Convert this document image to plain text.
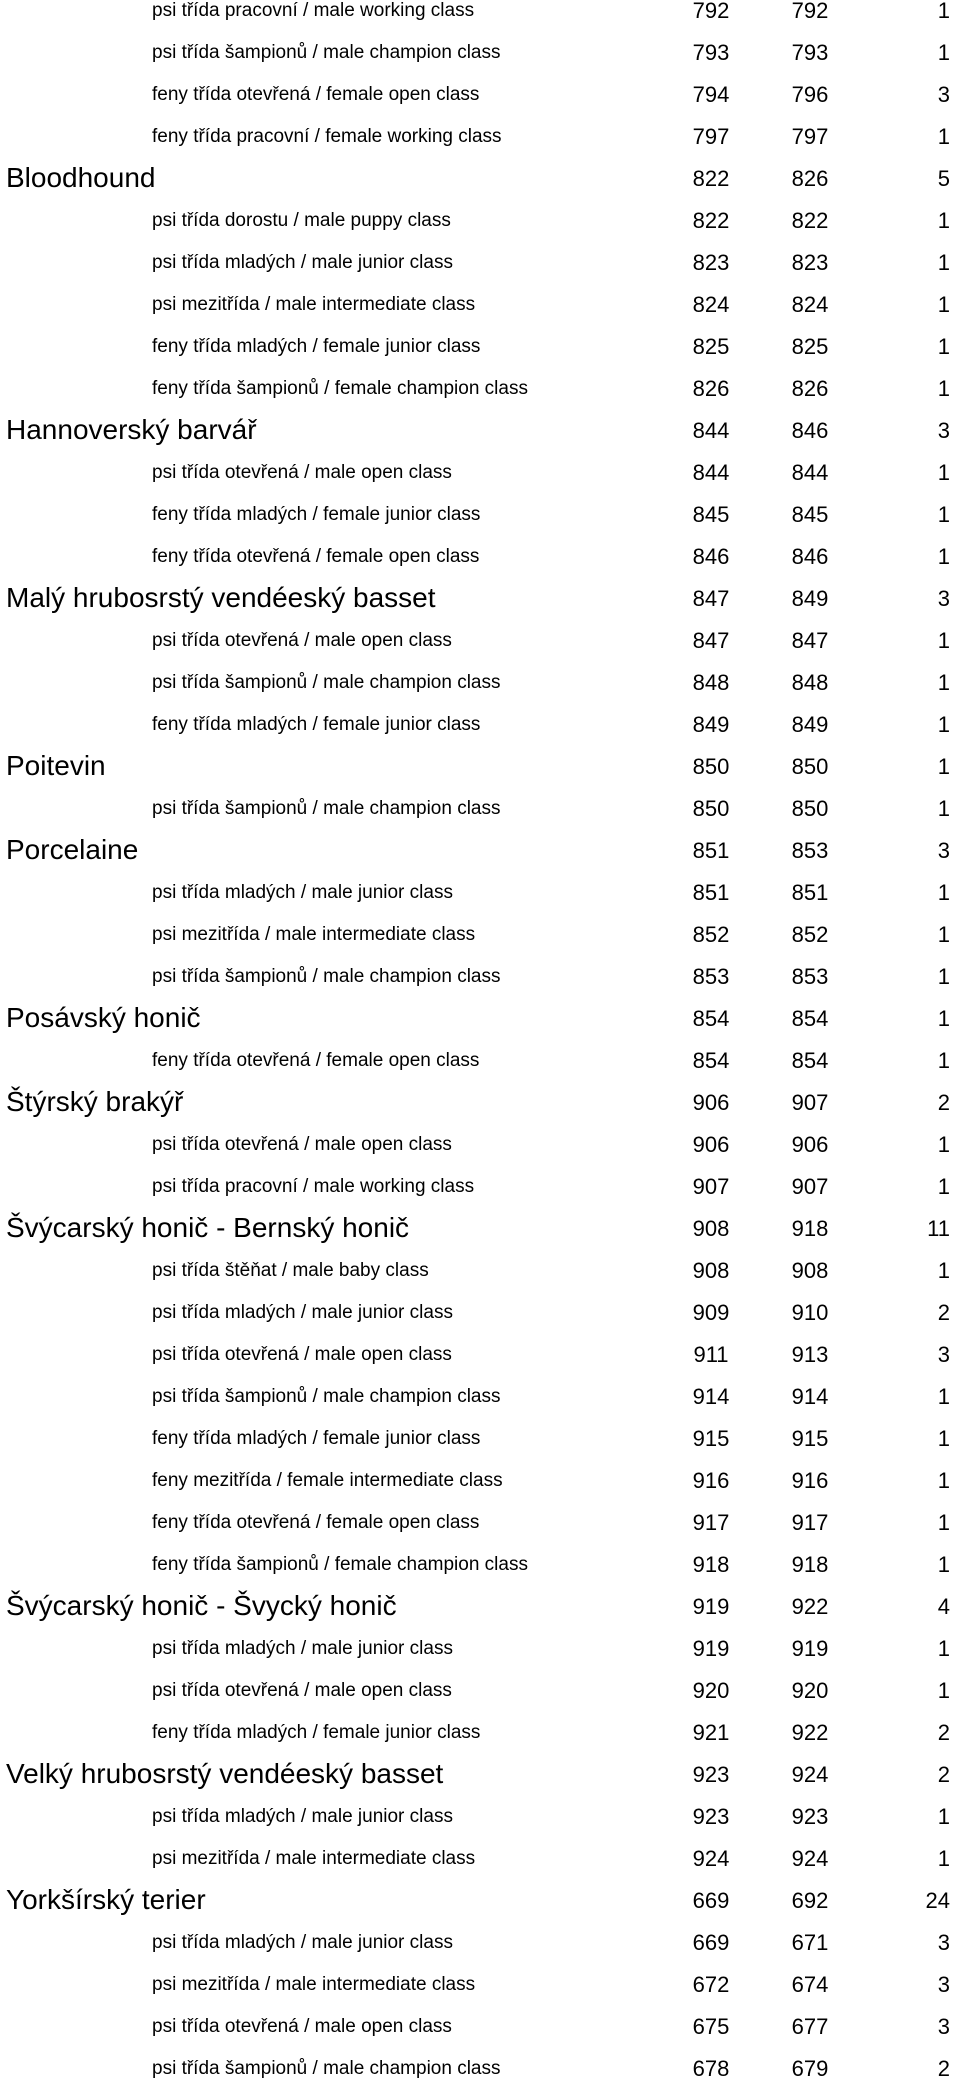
psi třída pracovní / male working class	792	792	1
psi třída šampionů / male champion class	793	793	1
feny třída otevřená / female open class	794	796	3
feny třída pracovní / female working class	797	797	1
Bloodhound	822	826	5
psi třída dorostu / male puppy class	822	822	1
psi třída mladých / male junior class	823	823	1
psi mezitřída / male intermediate class	824	824	1
feny třída mladých / female junior class	825	825	1
feny třída šampionů / female champion class	826	826	1
Hannoverský barvář	844	846	3
psi třída otevřená / male open class	844	844	1
feny třída mladých / female junior class	845	845	1
feny třída otevřená / female open class	846	846	1
Malý hrubosrstý vendéeský basset	847	849	3
psi třída otevřená / male open class	847	847	1
psi třída šampionů / male champion class	848	848	1
feny třída mladých / female junior class	849	849	1
Poitevin	850	850	1
psi třída šampionů / male champion class	850	850	1
Porcelaine	851	853	3
psi třída mladých / male junior class	851	851	1
psi mezitřída / male intermediate class	852	852	1
psi třída šampionů / male champion class	853	853	1
Posávský honič	854	854	1
feny třída otevřená / female open class	854	854	1
Štýrský brakýř	906	907	2
psi třída otevřená / male open class	906	906	1
psi třída pracovní / male working class	907	907	1
Švýcarský honič - Bernský honič	908	918	11
psi třída štěňat / male baby class	908	908	1
psi třída mladých / male junior class	909	910	2
psi třída otevřená / male open class	911	913	3
psi třída šampionů / male champion class	914	914	1
feny třída mladých / female junior class	915	915	1
feny mezitřída / female intermediate class	916	916	1
feny třída otevřená / female open class	917	917	1
feny třída šampionů / female champion class	918	918	1
Švýcarský honič - Švycký honič	919	922	4
psi třída mladých / male junior class	919	919	1
psi třída otevřená / male open class	920	920	1
feny třída mladých / female junior class	921	922	2
Velký hrubosrstý vendéeský basset	923	924	2
psi třída mladých / male junior class	923	923	1
psi mezitřída / male intermediate class	924	924	1
Yorkšírský terier	669	692	24
psi třída mladých / male junior class	669	671	3
psi mezitřída / male intermediate class	672	674	3
psi třída otevřená / male open class	675	677	3
psi třída šampionů / male champion class	678	679	2
